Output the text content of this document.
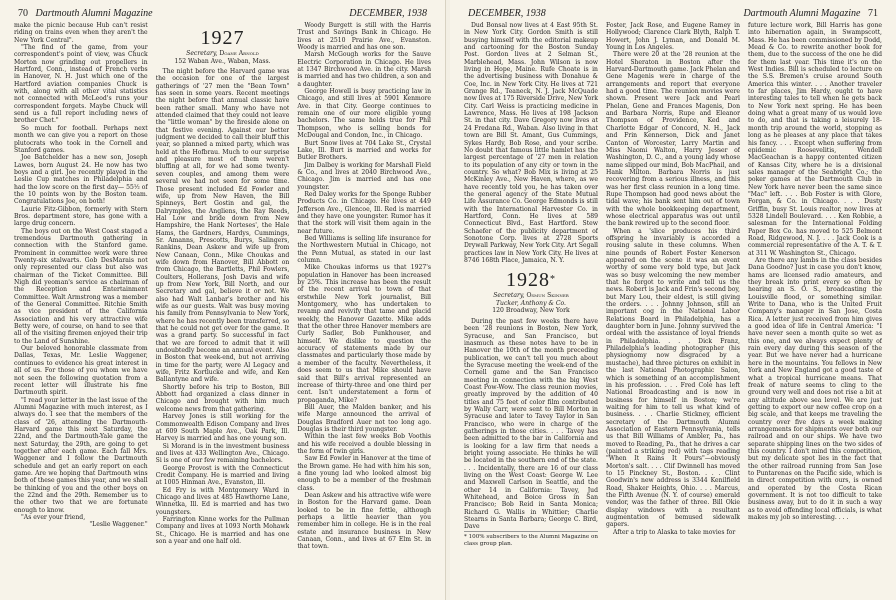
70 Dartmouth Alumni Magazine	DECEMBER, 1938

make the picnic because Hub can't resist riding on trains even when they aren't the New York Central".

"The find of the game, from your correspondent's point of view, was Chuck Morton now grinding out propellers in Hartford, Conn., instead of French verbs in Hanover, N. H. Just which one of the Hartford aviation companies Chuck is with, along with all other vital statistics not connected with McLeod's runs your correspondent forgets. Maybe Chuck will send us a full report including news of brother Chet."

So much for football. Perhaps next month we can give you a report on those plutocrats who took in the Cornell and Stanford games.

Joe Batchelder has a new son, Joseph Lawes, born August 24. He now has two boys and a girl. Joe recently played in the Leslie Cup matches in Philadelphia and had the low score on the first day— 55½ of the 10 points won by the Boston team. Congratulations Joe, on both!

Laurie Fitz-Gibbon, formerly with Stern Bros. department store, has gone with a large drug concern.

The boys out on the West Coast staged a tremendous Dartmouth gathering in connection with the Stanford game. Prominent in committee work were three Twenty-six stalwarts. Gob DesMarais not only represented our class but also was chairman of the Ticket Committee. Bill Nigh did yeoman's service as chairman of the Reception and Entertainment Committee. Walt Armstrong was a member of the General Committee. Ritchie Smith as vice president of the California Association and his very attractive wife Betty were, of course, on hand to see that all of the visiting firemen enjoyed their trip to the Land of Sunshine.

Our beloved honorable classmate from Dallas, Texas, Mr. Leslie Waggener, continues to evidence his great interest in all of us. For those of you whom we have not seen the following quotation from a recent letter will illustrate his fine Dartmouth spirit.

"I read your letter in the last issue of the Alumni Magazine with much interest, as I always do. I see that the members of the class of '26, attending the Dartmouth-Harvard game this next Saturday, the 22nd, and the Dartmouth-Yale game the next Saturday, the 29th, are going to get together after each game. Each fall Mrs. Waggener and I follow the Dartmouth schedule and get an early report on each game. Are we hoping that Dartmouth wins both of these games this year, and we shall be thinking of you and the other boys on the 22nd and the 29th. Remember us to the other two that we are fortunate enough to know.

"As ever your friend,

"Leslie Waggener."

1927
Secretary, Doane Arnold
152 Waban Ave., Waban, Mass.

The night before the Harvard game was the occasion for one of the largest gatherings of '27 men the "Bean Town" has seen in some years. Recent meetings the night before that annual classic have been rather small. Many who have not attended claimed that they could not leave the "little woman" by the fireside alone on that festive evening. Against our better judgment we decided to call their bluff this year, so planned a mixed party, which was held at the Hofbrau. Much to our surprise and pleasure most of them weren't bluffing at all, for we had some twenty-seven couples, and among them were several we had not seen for some time. Those present included Ed Fowler and wife, up from New Haven, the Bill Spinneys, Bert Gostin and gal, the Dalrymples, the Angliens, the Ray Reeds, Hal Low and bride down from New Hampshire, the Hank Norteses', the Hale Hams, the Gardners, Hardys, Cummings, Sr. Amanns, Prescotts, Burys, Salingers, Rankins, Dean Askew and wife up from New Canaan, Conn., Mike Choukas and wife down from Hanover, Bill Abbott on from Chicago, the Bartletts, Phil Fowlers, Coulters, Hollerans, Josh Davis and wife up from New York, Bill North, and our Secretary and gal, believe it or not. We also had Walt Lanbar's brother and his wife as our guests. Walt was busy moving his family from Pennsylvania to New York, where he has recently been transferred, so that he could not get over for the game. It was a grand party. So successful in fact that we are forced to admit that it will undoubtedly become an annual event. Also in Boston that week-end, but not arriving in time for the party, were Al Legacy and wife, Fritz Kortlucke and wife, and Ken Ballantyne and wife.

Shortly before his trip to Boston, Bill Abbott had organized a class dinner in Chicago and brought with him much welcome news from that gathering.

Harvey Jones is still working for the Commonwealth Edison Company and lives at 609 South Maple Ave., Oak Park, Ill. Harvey is married and has one young son.

Si Morand is in the investment business and lives at 433 Wellington Ave., Chicago. Si is one of our few remaining bachelors.

George Provost is with the Connecticut Credit Company. He is married and living at 1005 Hinman Ave., Evanston, Ill.

Ed Fry is with Montgomery Ward in Chicago and lives at 485 Hawthorne Lane, Winnetka, Ill. Ed is married and has two youngsters.

Farrington Kinne works for the Pullman Company and lives at 1093 North Mohawk St., Chicago. He is married and has one son a year and one half old.

Woody Burgett is still with the Harris Trust and Savings Bank in Chicago. He lives at 2510 Prairie Ave., Evanston. Woody is married and has one son.

Marsh McGough works for the Sauve Electric Corporation in Chicago. He lives at 1347 Birchwood Ave. in the city. Marsh is married and has two children, a son and a daughter.

George Howell is busy practicing law in Chicago, and still lives at 5901 Kenmore Ave. in that City. George continues to remain one of our more eligible young bachelors. The same holds true for Phil Thompson, who is selling bonds for McDougal and Condon, Inc., in Chicago.

Burt Snow lives at 704 Lake St., Crystal Lake, Ill. Burt is married and works for Butler Brothers.

Jim Dalbey is working for Marshall Field & Co., and lives at 2040 Birchwood Ave., Chicago. Jim is married and has one youngster.

Red Daley works for the Sponge Rubber Products Co. in Chicago. He lives at 449 Jefferson Ave., Glencoe, Ill. Red is married and they have one youngster. Rumor has it that the stork will visit them again in the near future.

Bed Williams is selling life insurance for the Northwestern Mutual in Chicago, not the Penn Mutual, as stated in our last column.

Mike Choukas informs us that 1927's population in Hanover has been increased by 25%. This increase has been the result of the recent arrival to town of that erstwhile New York journalist, Bill Montgomery, who has undertaken to revamp and revivify that tame and placid weekly, the Hanover Gazette. Mike adds that the other three Hanover members are Curly Sadler, Bob Funkhouser, and himself. We dislike to question the accuracy of statements made by our classmates and particularly those made by a member of the faculty. Nevertheless, it does seem to us that Mike should have said that Bill's arrival represented an increase of thirty-three and one third per cent. Isn't understatement a form of propaganda, Mike?

Bill Auer, the Malden banker, and his wife Marge announced the arrival of Douglas Bradford Auer not too long ago. Douglas is their third youngster.

Within the last few weeks Bob Voothis and his wife received a double blessing in the form of twin girls.

Saw Ed Fowler in Hanover at the time of the Brown game. He had with him his son, a fine young lad who looked almost big enough to be a member of the freshman class.

Dean Askew and his attractive wife were in Boston for the Harvard game. Dean looked to be in fine fettle, although perhaps a little heavier than you remember him in college. He is in the real estate and insurance business in New Canaan, Conn., and lives at 67 Elm St. in that town.

DECEMBER, 1938	Dartmouth Alumni Magazine 71

Dud Bonsal now lives at 4 East 95th St. in New York City. Gordon Smith is still busying himself with the editorial makeup and cartooning for the Boston Sunday Post. Gordon lives at 2 Selman St., Marblehead, Mass. John Wilson is now living in Hope, Maine. Rufe Choate is in the advertising business with Donahue & Coe, Inc. in New York City. He lives at 721 Grange Rd., Teaneck, N. J. Jack McQuade now lives at 175 Riverside Drive, New York City. Carl Weiss is practicing medicine in Lawrence, Mass. He lives at 198 Jackson St. in that city. Dave Gregory now lives at 24 Fredana Rd., Waban. Also living in that town are Bill St. Amant, Gus Cummings, Sykes Hardy, Bob Rose, and your scribe. No doubt that famous little hamlet has the largest percentage of '27 men in relation to its population of any city or town in the country. So what? Bob Mix is living at 25 McKinley Ave., New Haven, where, as we have recently told you, he has taken over the general agency of the State Mutual Life Assurance Co. George Edmonds is still with the International Harvester Co. in Hartford, Conn. He lives at 589 Connecticut Blvd., East Hartford. Stew Schaefer of the publicity department of Sonotone Corp. lives at 2728 Sports Drywall Parkway, New York City. Art Segall practices law in New York City. He lives at 8746 168th Place, Jamaica, N. Y.

1928*
Secretary, Osmun Skinner
Tucker, Anthony & Co.
120 Broadway, New York

During the past few weeks there have been '28 reunions in Boston, New York, Syracuse, and San Francisco, but inasmuch as these notes have to be in Hanover the 10th of the month preceding publication, we can't tell you much about the Syracuse meeting the week-end of the Cornell game and the San Francisco meeting in connection with the big West Coast Pow-Wow. The class reunion movies, greatly improved by the addition of 40 titles and 75 feet of color film contributed by Wally Carr, were sent to Bill Morton in Syracuse and later to Tavey Taylor in San Francisco, who were in charge of the gatherings in those cities. . . . Tavey has been admitted to the bar in California and is looking for a law firm that needs a bright young associate. He thinks he will be located in the southern end of the state. . . . Incidentally, there are 16 of our class living on the West Coast: George W. Lee and Maxwell Carlson in Seattle, and the other 14 in California: Tavey, Jud Whitehead, and Boice Gross in San Francisco; Bob Reid in Santa Monica; Richard G. Wallis in Whittier; Charlie Stearns in Santa Barbara; George C. Bird, Dave

* 100% subscribers to the Alumni Magazine on class group plan.

Foster, Jack Rose, and Eugene Ramey in Hollywood; Clarence Clark Blyth, Ralph T. Howert, John J. Lyman, and Donald M. Young in Los Angeles.

There were 20 at the '28 reunion at the Hotel Sheraton in Boston after the Harvard-Dartmouth game. Jack Phelan and Gene Magenis were in charge of the arrangements and report that everyone had a good time. The reunion movies were shown. Present were Jack and Pearl Phelan, Gene and Frances Magenis, Don and Barbara Norris, Rupe and Eleanor Thompson of Providence, Ked and Charlotte Edgar of Concord, N. H., Jack and Frin Kennerson, Dick and Janet Canton of Worcester, Larry Martin and Miss Naomi Walton, Harry Jesser of Washington, D. C., and a young lady whose name slipped our mind, Bob MacPhail, and Hank Milton. Barbara Norris is just recovering from a serious illness, and this was her first class reunion in a long time. Rupe Thompson had good news about the tidal wave; his bank sent him out of town with the whole bookkeeping department, whose electrical apparatus was out until the bank rewired up to the second floor.

When a 'slice produces his third offspring he invariably is accorded a rousing salute in these columns. When nine pounds of Robert Foster Kenerson appeared on the scene it was an event worthy of some very bold type, but Jack was so busy welcoming the new member that he forgot to write and tell us the news. Robert is Jack and Frin's second boy, but Mary Lou, their eldest, is still giving the orders. . . . Johnny Johnson, still an important cog in the National Labor Relations Board in Philadelphia, has a daughter born in June. Johnny survived the ordeal with the assistance of loyal friends in Philadelphia. . . . Dick Franz, Philadelphia's leading photographer (his physiognomy now disgraced by a mustache), had three pictures on exhibit in the last National Photographic Salon, which is something of an accomplishment in his profession. . . . Fred Cole has left National Broadcasting and is now in business for himself in Boston; we're waiting for him to tell us what kind of business. . . . Charlie Stickney, efficient secretary of the Dartmouth Alumni Association of Eastern Pennsylvania, tells us that Bill Williams of Ambler, Pa., has moved to Reading, Pa., that he drives a car (painted a striking red) with tags reading "When It Rains It Pours"—obviously Morton's salt. . . . Clif Dwinnell has moved to 15 Pinckney St., Boston. . . . Clint Goodwin's new address is 3344 Kenilfield Road, Shaker Heights, Ohio. . . . Marcus, the Fifth Avenue (N. Y. of course) emerald vendor, was the father of three. Bill Okie display windows with a resultant augmentation of bemused sidewalk gapers.

After a trip to Alaska to take movies for

future lecture work, Bill Harris has gone into hibernation again, in Swampscott, Mass. He has been commissioned by Dodd, Mead & Co. to rewrite another book for them, due to the success of the one he did for them last year. This time it's on the West Indies. Bill is scheduled to lecture on the S.S. Bremen's cruise around South America this winter. . . . Another traveler to far places, Jim Hardy, ought to have interesting tales to tell when he gets back to New York next spring. He has been doing what a great many of us would love to do, and that is taking a leisurely 18-month trip around the world, stopping as long as he pleases at any place that takes his fancy. . . . Except when suffering from epidemic Roosevelitis, Wendell MacGeachan is a happy contented citizen of Kansas City, where he is a divisional sales manager of the Seabright Co.; the poker games at the Dartmouth Club in New York have never been the same since "Mac" left. . . . Bob Foster is with Glore, Forgan, & Co. in Chicago. . . . Dusty Griffin, busy St. Louis realtor, now lives at 5328 Lindell Boulevard. . . . Ken Robbie, a salesman for the International Folding Paper Box Co. has moved to 525 Belmont Road, Ridgewood, N. J. . . . Jack Cook is a commercial representative of the A. T. & T. at 311 W. Washington St., Chicago.

Are there any lambs in the class besides Dana Goodno? Just in case you don't know, hams are licensed radio amateurs, and they break into print every so often by hearing an S. O. S., broadcasting the Louisville flood, or something similar. Write to Dana, who is the United Fruit Company's manager in San Jose, Costa Rica. A letter just received from him gives a good idea of life in Central America: "I have never seen a month quite so wet as this one, and we always expect plenty of rain every day during this season of the year. But we have never had a hurricane here in the mountains. You fellows in New York and New England got a good taste of what a tropical hurricane means. That freak of nature seems to cling to the ground very well and does not rise a bit at any altitude above sea level. We are just getting to export our new coffee crop on a big scale, and that keeps me traveling the country over five days a week making arrangements for shipments over both our railroad and on our ships. We have two separate shipping lines on the two sides of this country. I don't mind this competition, but my delicate spot lies in the fact that the other railroad running from San Jose to Puntarenas on the Pacific side, which is in direct competition with ours, is owned and operated by the Costa Rican government. It is not too difficult to take business away, but to do it in such a way as to avoid offending local officials, is what makes my job so interesting. . . .
